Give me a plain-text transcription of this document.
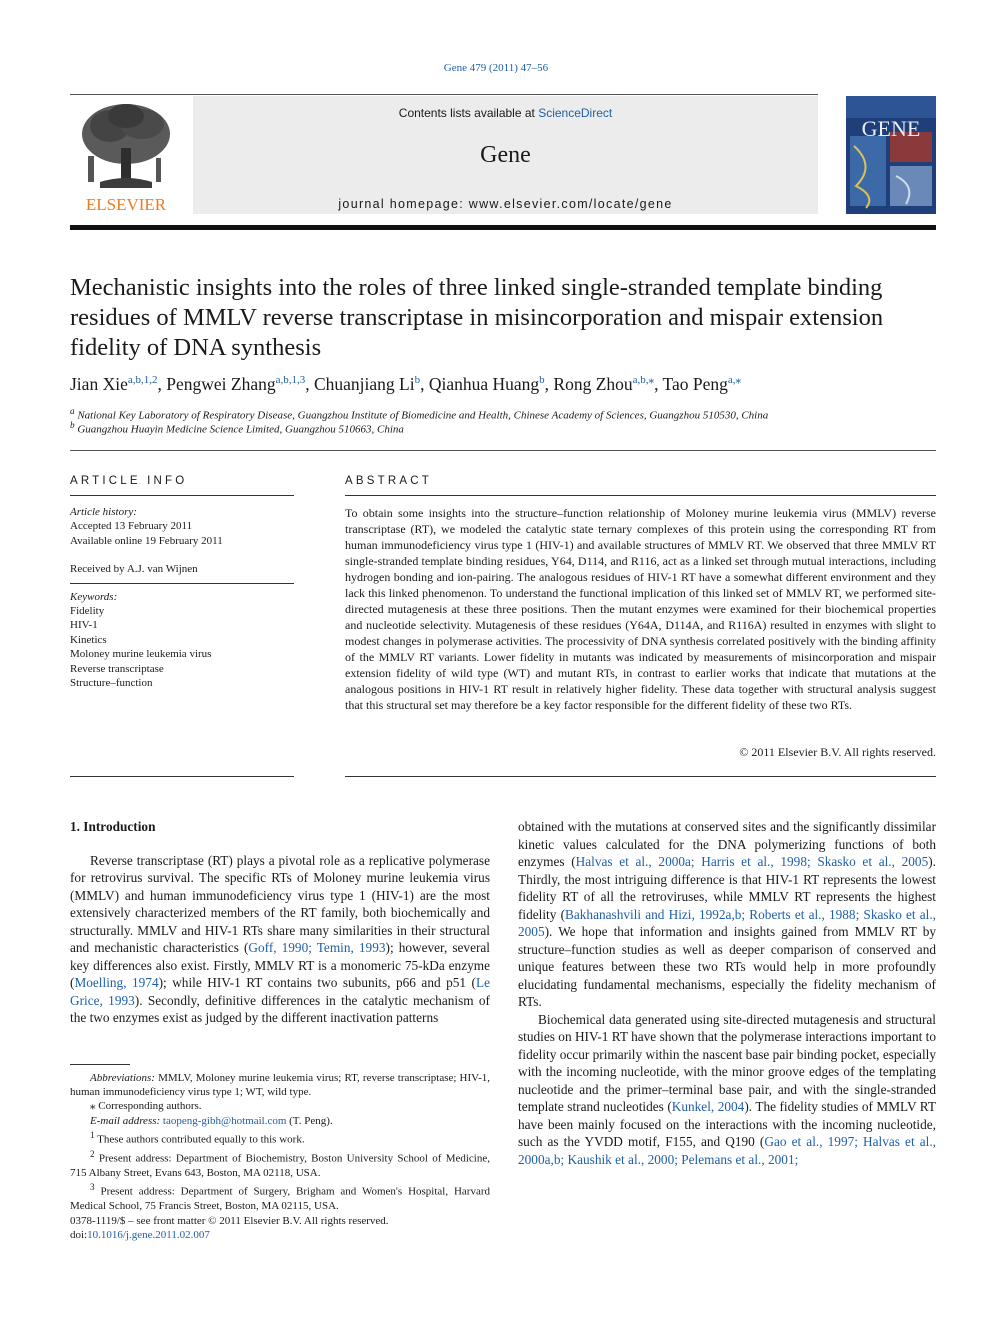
Gene 479 (2011) 47–56
ELSEVIER
Contents lists available at ScienceDirect
Gene
journal homepage: www.elsevier.com/locate/gene
GENE
Mechanistic insights into the roles of three linked single-stranded template binding residues of MMLV reverse transcriptase in misincorporation and mispair extension fidelity of DNA synthesis
Jian Xie$^{a,b,1,2}$, Pengwei Zhang$^{a,b,1,3}$, Chuanjiang Li$^b$, Qianhua Huang$^b$, Rong Zhou$^{a,b,⁎}$, Tao Peng$^{a,⁎}$
$^a$ National Key Laboratory of Respiratory Disease, Guangzhou Institute of Biomedicine and Health, Chinese Academy of Sciences, Guangzhou 510530, China
$^b$ Guangzhou Huayin Medicine Science Limited, Guangzhou 510663, China
ARTICLE INFO
Article history:
Accepted 13 February 2011
Available online 19 February 2011
Received by A.J. van Wijnen
Keywords:
Fidelity
HIV-1
Kinetics
Moloney murine leukemia virus
Reverse transcriptase
Structure–function
ABSTRACT
To obtain some insights into the structure–function relationship of Moloney murine leukemia virus (MMLV) reverse transcriptase (RT), we modeled the catalytic state ternary complexes of this protein using the corresponding RT from human immunodeficiency virus type 1 (HIV-1) and available structures of MMLV RT. We observed that three MMLV RT single-stranded template binding residues, Y64, D114, and R116, act as a linked set through mutual interactions, including hydrogen bonding and ion-pairing. The analogous residues of HIV-1 RT have a somewhat different environment and they lack this linked phenomenon. To understand the functional implication of this linked set of MMLV RT, we performed site-directed mutagenesis at these three positions. Then the mutant enzymes were examined for their biochemical properties and nucleotide selectivity. Mutagenesis of these residues (Y64A, D114A, and R116A) resulted in enzymes with slight to modest changes in polymerase activities. The processivity of DNA synthesis correlated positively with the binding affinity of the MMLV RT variants. Lower fidelity in mutants was indicated by measurements of misincorporation and mispair extension fidelity of wild type (WT) and mutant RTs, in contrast to earlier works that indicate that mutations at the analogous positions in HIV-1 RT result in relatively higher fidelity. These data together with structural analysis suggest that this structural set may therefore be a key factor responsible for the different fidelity of these two RTs.
© 2011 Elsevier B.V. All rights reserved.
1. Introduction

Reverse transcriptase (RT) plays a pivotal role as a replicative polymerase for retrovirus survival. The specific RTs of Moloney murine leukemia virus (MMLV) and human immunodeficiency virus type 1 (HIV-1) are the most extensively characterized members of the RT family, both biochemically and structurally. MMLV and HIV-1 RTs share many similarities in their structural and mechanistic characteristics (Goff, 1990; Temin, 1993); however, several key differences also exist. Firstly, MMLV RT is a monomeric 75-kDa enzyme (Moelling, 1974); while HIV-1 RT contains two subunits, p66 and p51 (Le Grice, 1993). Secondly, definitive differences in the catalytic mechanism of the two enzymes exist as judged by the different inactivation patterns

Abbreviations: MMLV, Moloney murine leukemia virus; RT, reverse transcriptase; HIV-1, human immunodeficiency virus type 1; WT, wild type.
⁎ Corresponding authors.
E-mail address: taopeng-gibh@hotmail.com (T. Peng).
$^1$ These authors contributed equally to this work.
$^2$ Present address: Department of Biochemistry, Boston University School of Medicine, 715 Albany Street, Evans 643, Boston, MA 02118, USA.
$^3$ Present address: Department of Surgery, Brigham and Women's Hospital, Harvard Medical School, 75 Francis Street, Boston, MA 02115, USA.
0378-1119/$ – see front matter © 2011 Elsevier B.V. All rights reserved.
doi:10.1016/j.gene.2011.02.007

obtained with the mutations at conserved sites and the significantly dissimilar kinetic values calculated for the DNA polymerizing functions of both enzymes (Halvas et al., 2000a; Harris et al., 1998; Skasko et al., 2005). Thirdly, the most intriguing difference is that HIV-1 RT represents the lowest fidelity RT of all the retroviruses, while MMLV RT represents the highest fidelity (Bakhanashvili and Hizi, 1992a,b; Roberts et al., 1988; Skasko et al., 2005). We hope that information and insights gained from MMLV RT by structure–function studies as well as deeper comparison of conserved and unique features between these two RTs would help in more profoundly elucidating fundamental mechanisms, especially the fidelity mechanism of RTs.

Biochemical data generated using site-directed mutagenesis and structural studies on HIV-1 RT have shown that the polymerase interactions important to fidelity occur primarily within the nascent base pair binding pocket, especially with the incoming nucleotide, with the minor groove edges of the templating nucleotide and the primer–terminal base pair, and with the single-stranded template strand nucleotides (Kunkel, 2004). The fidelity studies of MMLV RT have been mainly focused on the interactions with the incoming nucleotide, such as the YVDD motif, F155, and Q190 (Gao et al., 1997; Halvas et al., 2000a,b; Kaushik et al., 2000; Pelemans et al., 2001;
